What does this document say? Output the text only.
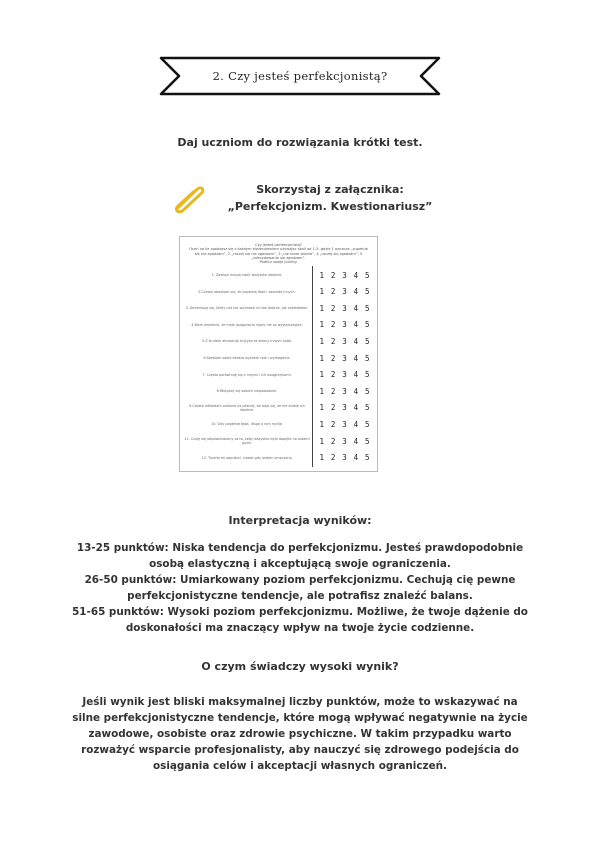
2. Czy jesteś perfekcjonistą?
Daj uczniom do rozwiązania krótki test.
Skorzystaj z załącznika:
„Perfekcjonizm. Kwestionariusz”
Czy jesteś perfekcjonistą?
Oceń na ile zgadzasz się z każdym stwierdzeniem używając skali od 1-5, gdzie 1 oznacza „zupełnie się nie zgadzam”, 2 „raczej się nie zgadzam”, 3 „nie mam zdania”, 4 „raczej się zgadzam”, 5 „zdecydowanie się zgadzam”.
Podlicz swoje punkty.
1. Zawsze muszę robić wszystko idealnie.	1 2 3 4 5
2.Często obawiam się, że popełnię błąd i zawiodę innych.	1 2 3 4 5
3. Denerwuję się, kiedy coś nie wychodzi mi tak dobrze, jak zakładałem. 1 2 3 4 5
4.Mam wrażenie, że moje osiągnięcia nigdy nie są wystarczające.	1 2 3 4 5
5.Z trudem akceptuję krytykę ze strony innych osób.	1 2 3 4 5
6.Stawiam sobie bardzo wysokie cele i wymagania.	1 2 3 4 5
7. Często porównuję się z innymi i ich osiągnięciami.	1 2 3 4 5
8.Wstydzę się swoich niepowodzeń.	1 2 3 4 5
9.Często odkładam zadania na później, bo boję się, że nie zrobię ich idealnie.	1 2 3 4 5
10. Gdy popełnię błąd, długo o nim myślę.	1 2 3 4 5
11. Czuję się odpowiedzialny za to, żeby wszystko było dopięte na ostatni guzik.	1 2 3 4 5
12. Trudno mi odpuścić, nawet gdy jestem zmęczony.	1 2 3 4 5
Interpretacja wyników:

13-25 punktów: Niska tendencja do perfekcjonizmu. Jesteś prawdopodobnie osobą elastyczną i akceptującą swoje ograniczenia.

26-50 punktów: Umiarkowany poziom perfekcjonizmu. Cechują cię pewne perfekcjonistyczne tendencje, ale potrafisz znaleźć balans.

51-65 punktów: Wysoki poziom perfekcjonizmu. Możliwe, że twoje dążenie do doskonałości ma znaczący wpływ na twoje życie codzienne.

O czym świadczy wysoki wynik?
Jeśli wynik jest bliski maksymalnej liczby punktów, może to wskazywać na silne perfekcjonistyczne tendencje, które mogą wpływać negatywnie na życie zawodowe, osobiste oraz zdrowie psychiczne. W takim przypadku warto rozważyć wsparcie profesjonalisty, aby nauczyć się zdrowego podejścia do osiągania celów i akceptacji własnych ograniczeń.
